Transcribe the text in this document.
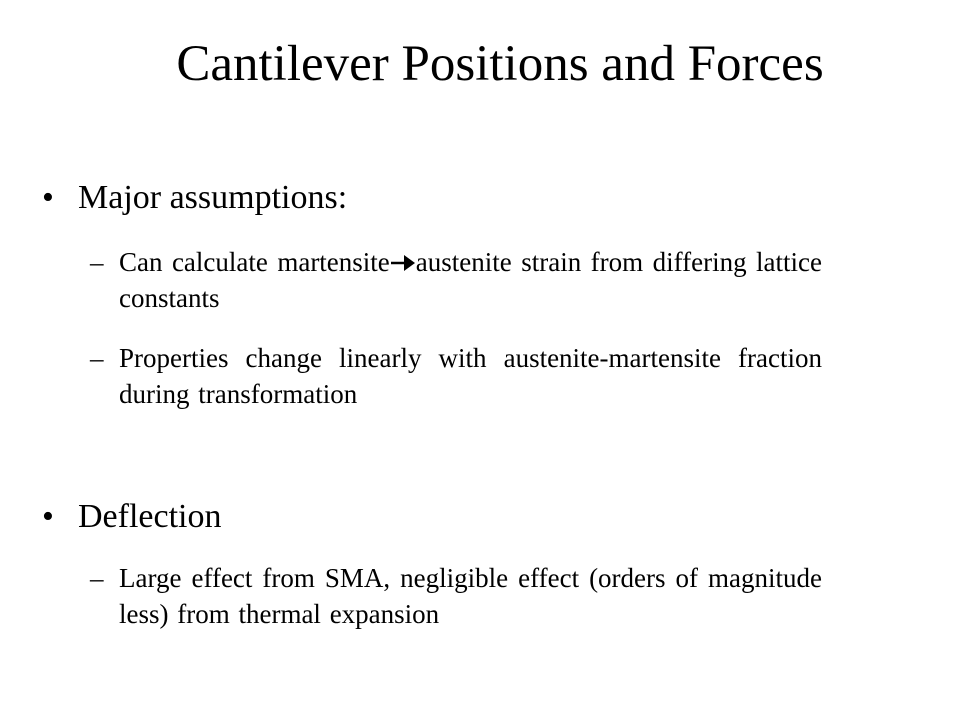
Cantilever Positions and Forces
• Major assumptions:
– Can calculate martensite austenite strain from differing lattice constants
– Properties change linearly with austenite-martensite fraction during transformation
• Deflection
– Large effect from SMA, negligible effect (orders of magnitude less) from thermal expansion
